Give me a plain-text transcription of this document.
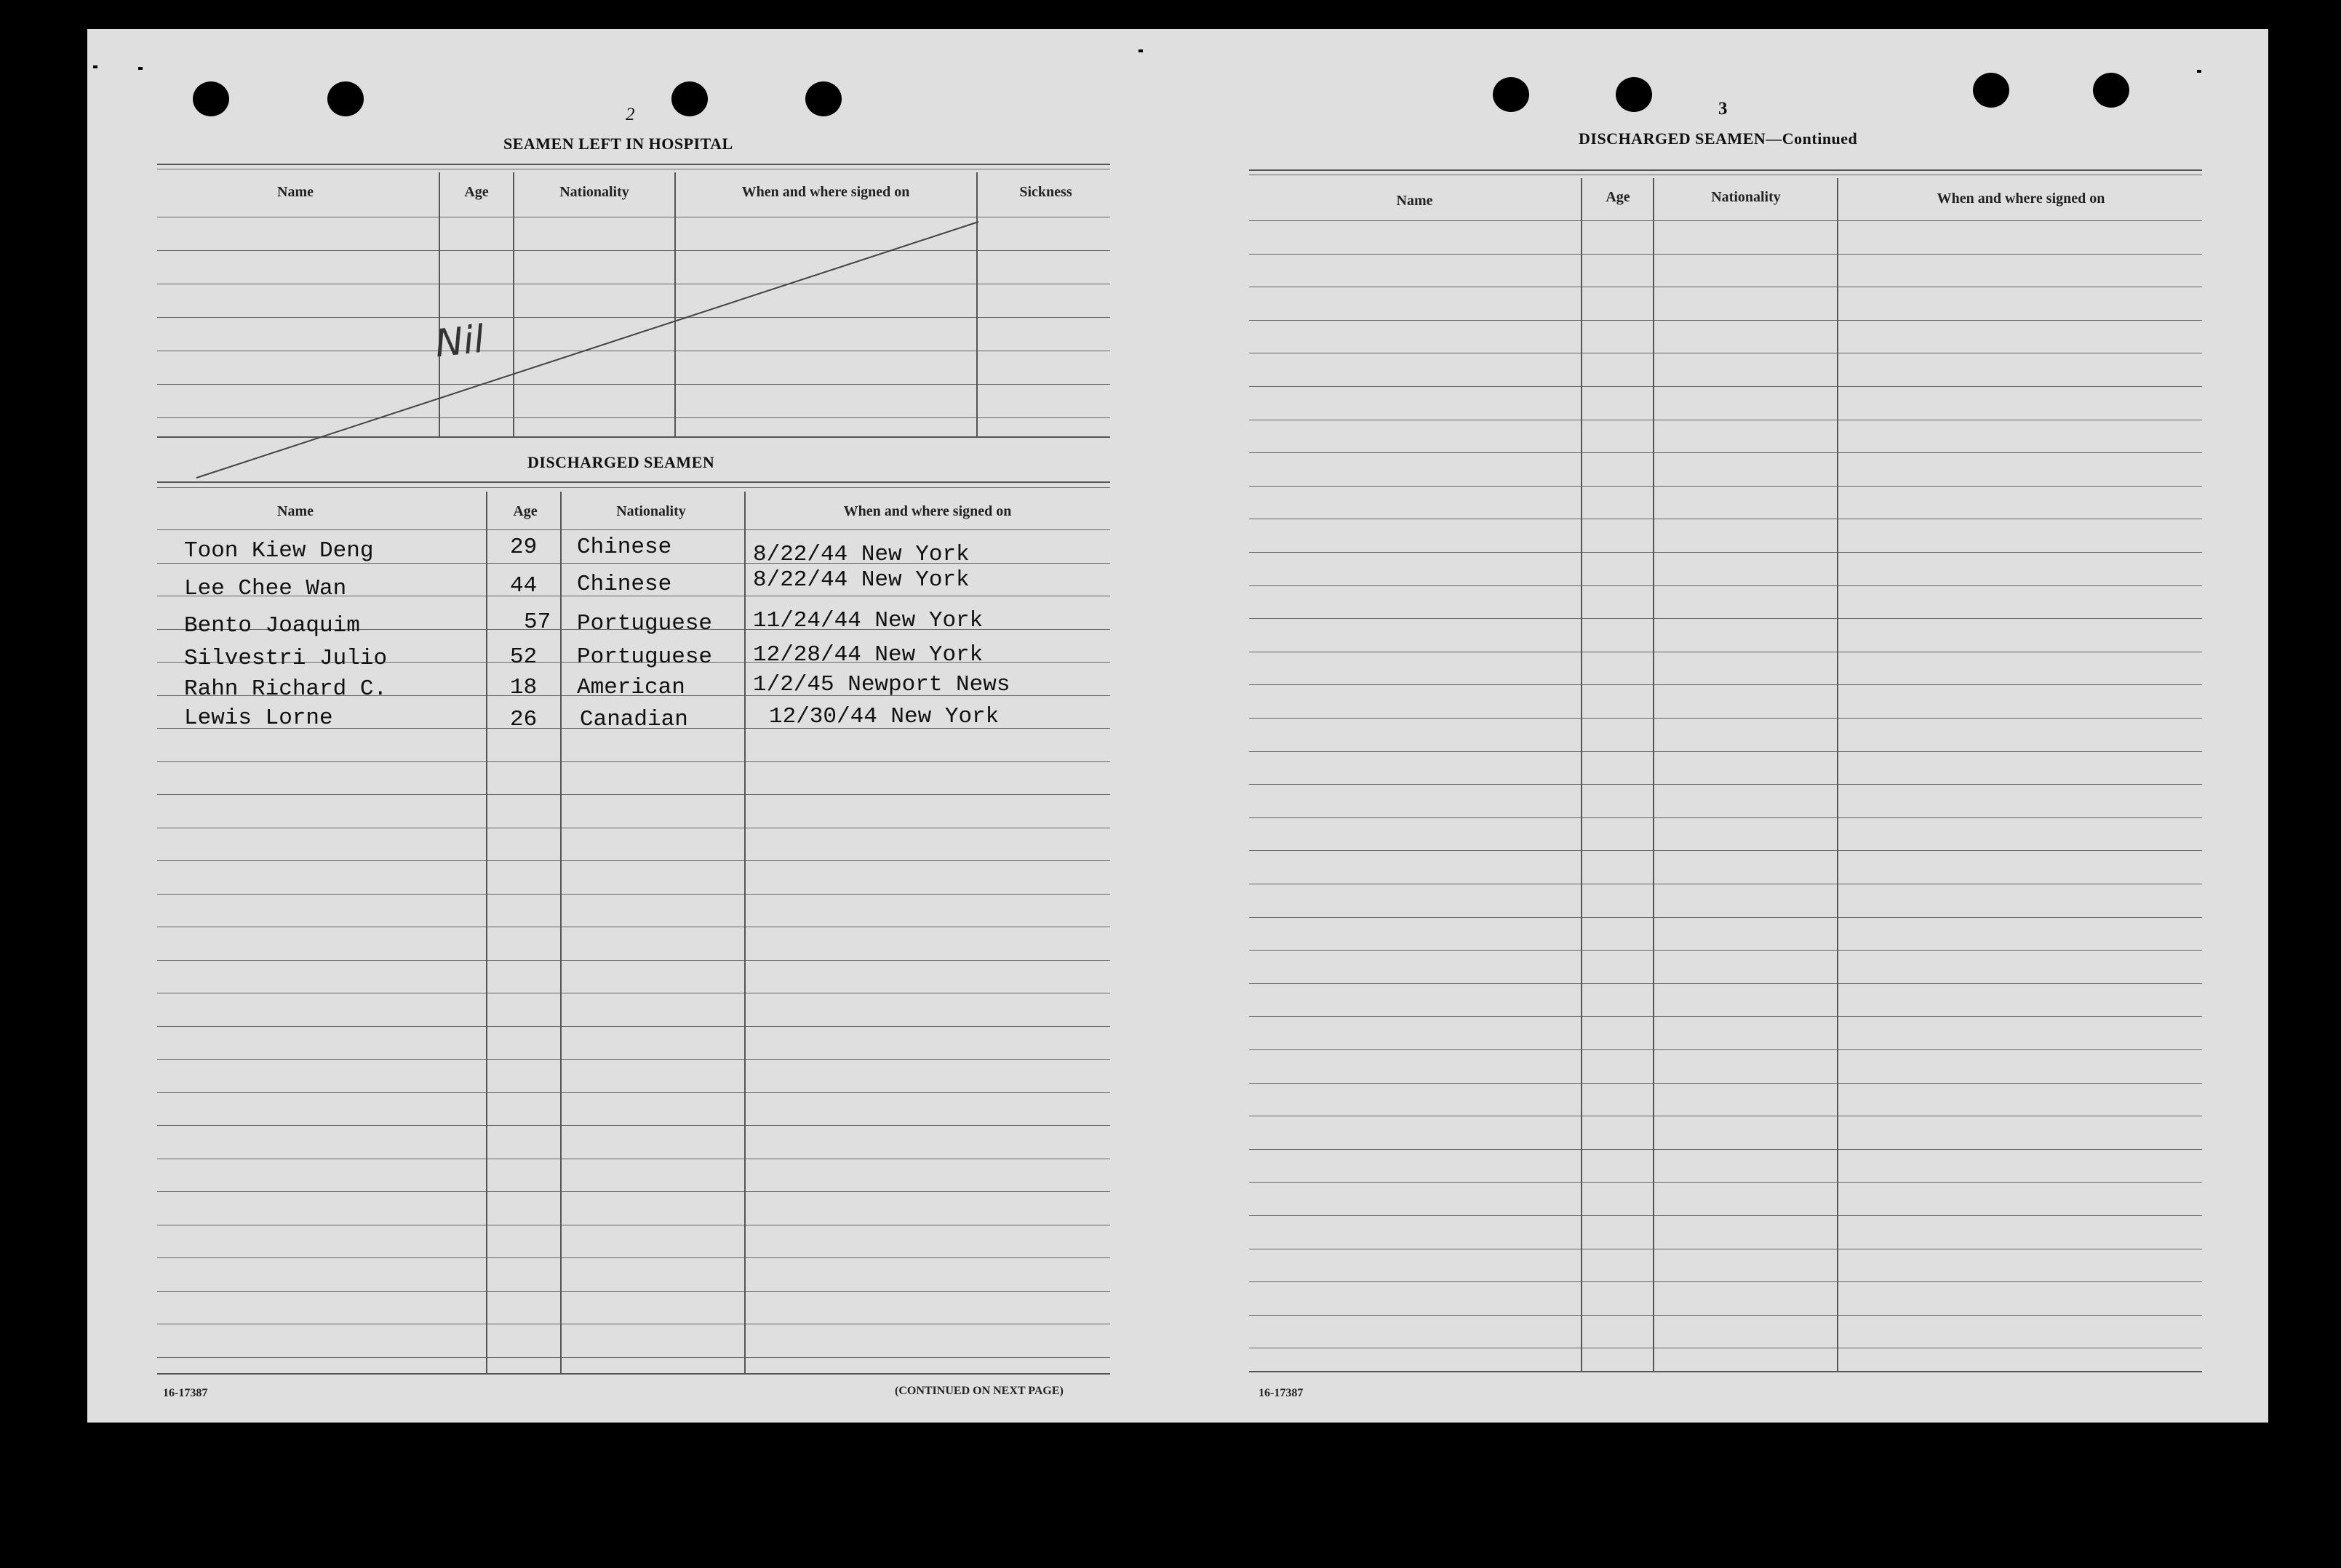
2
SEAMEN LEFT IN HOSPITAL
Name	Age	Nationality	When and where signed on	Sickness
Nil
DISCHARGED SEAMEN
Name	Age	Nationality	When and where signed on
Toon Kiew Deng	29 Chinese	8/22/44 New York
Lee Chee Wan	44 Chinese	8/22/44 New York
Bento Joaquim	57 Portuguese 11/24/44 New York
Silvestri Julio	52 Portuguese 12/28/44 New York
Rahn Richard C.	18 American	1/2/45 Newport News
Lewis Lorne	26 Canadian	12/30/44 New York
16-17387	(CONTINUED ON NEXT PAGE)
3
DISCHARGED SEAMEN—Continued
Name	Age	Nationality	When and where signed on
16-17387
